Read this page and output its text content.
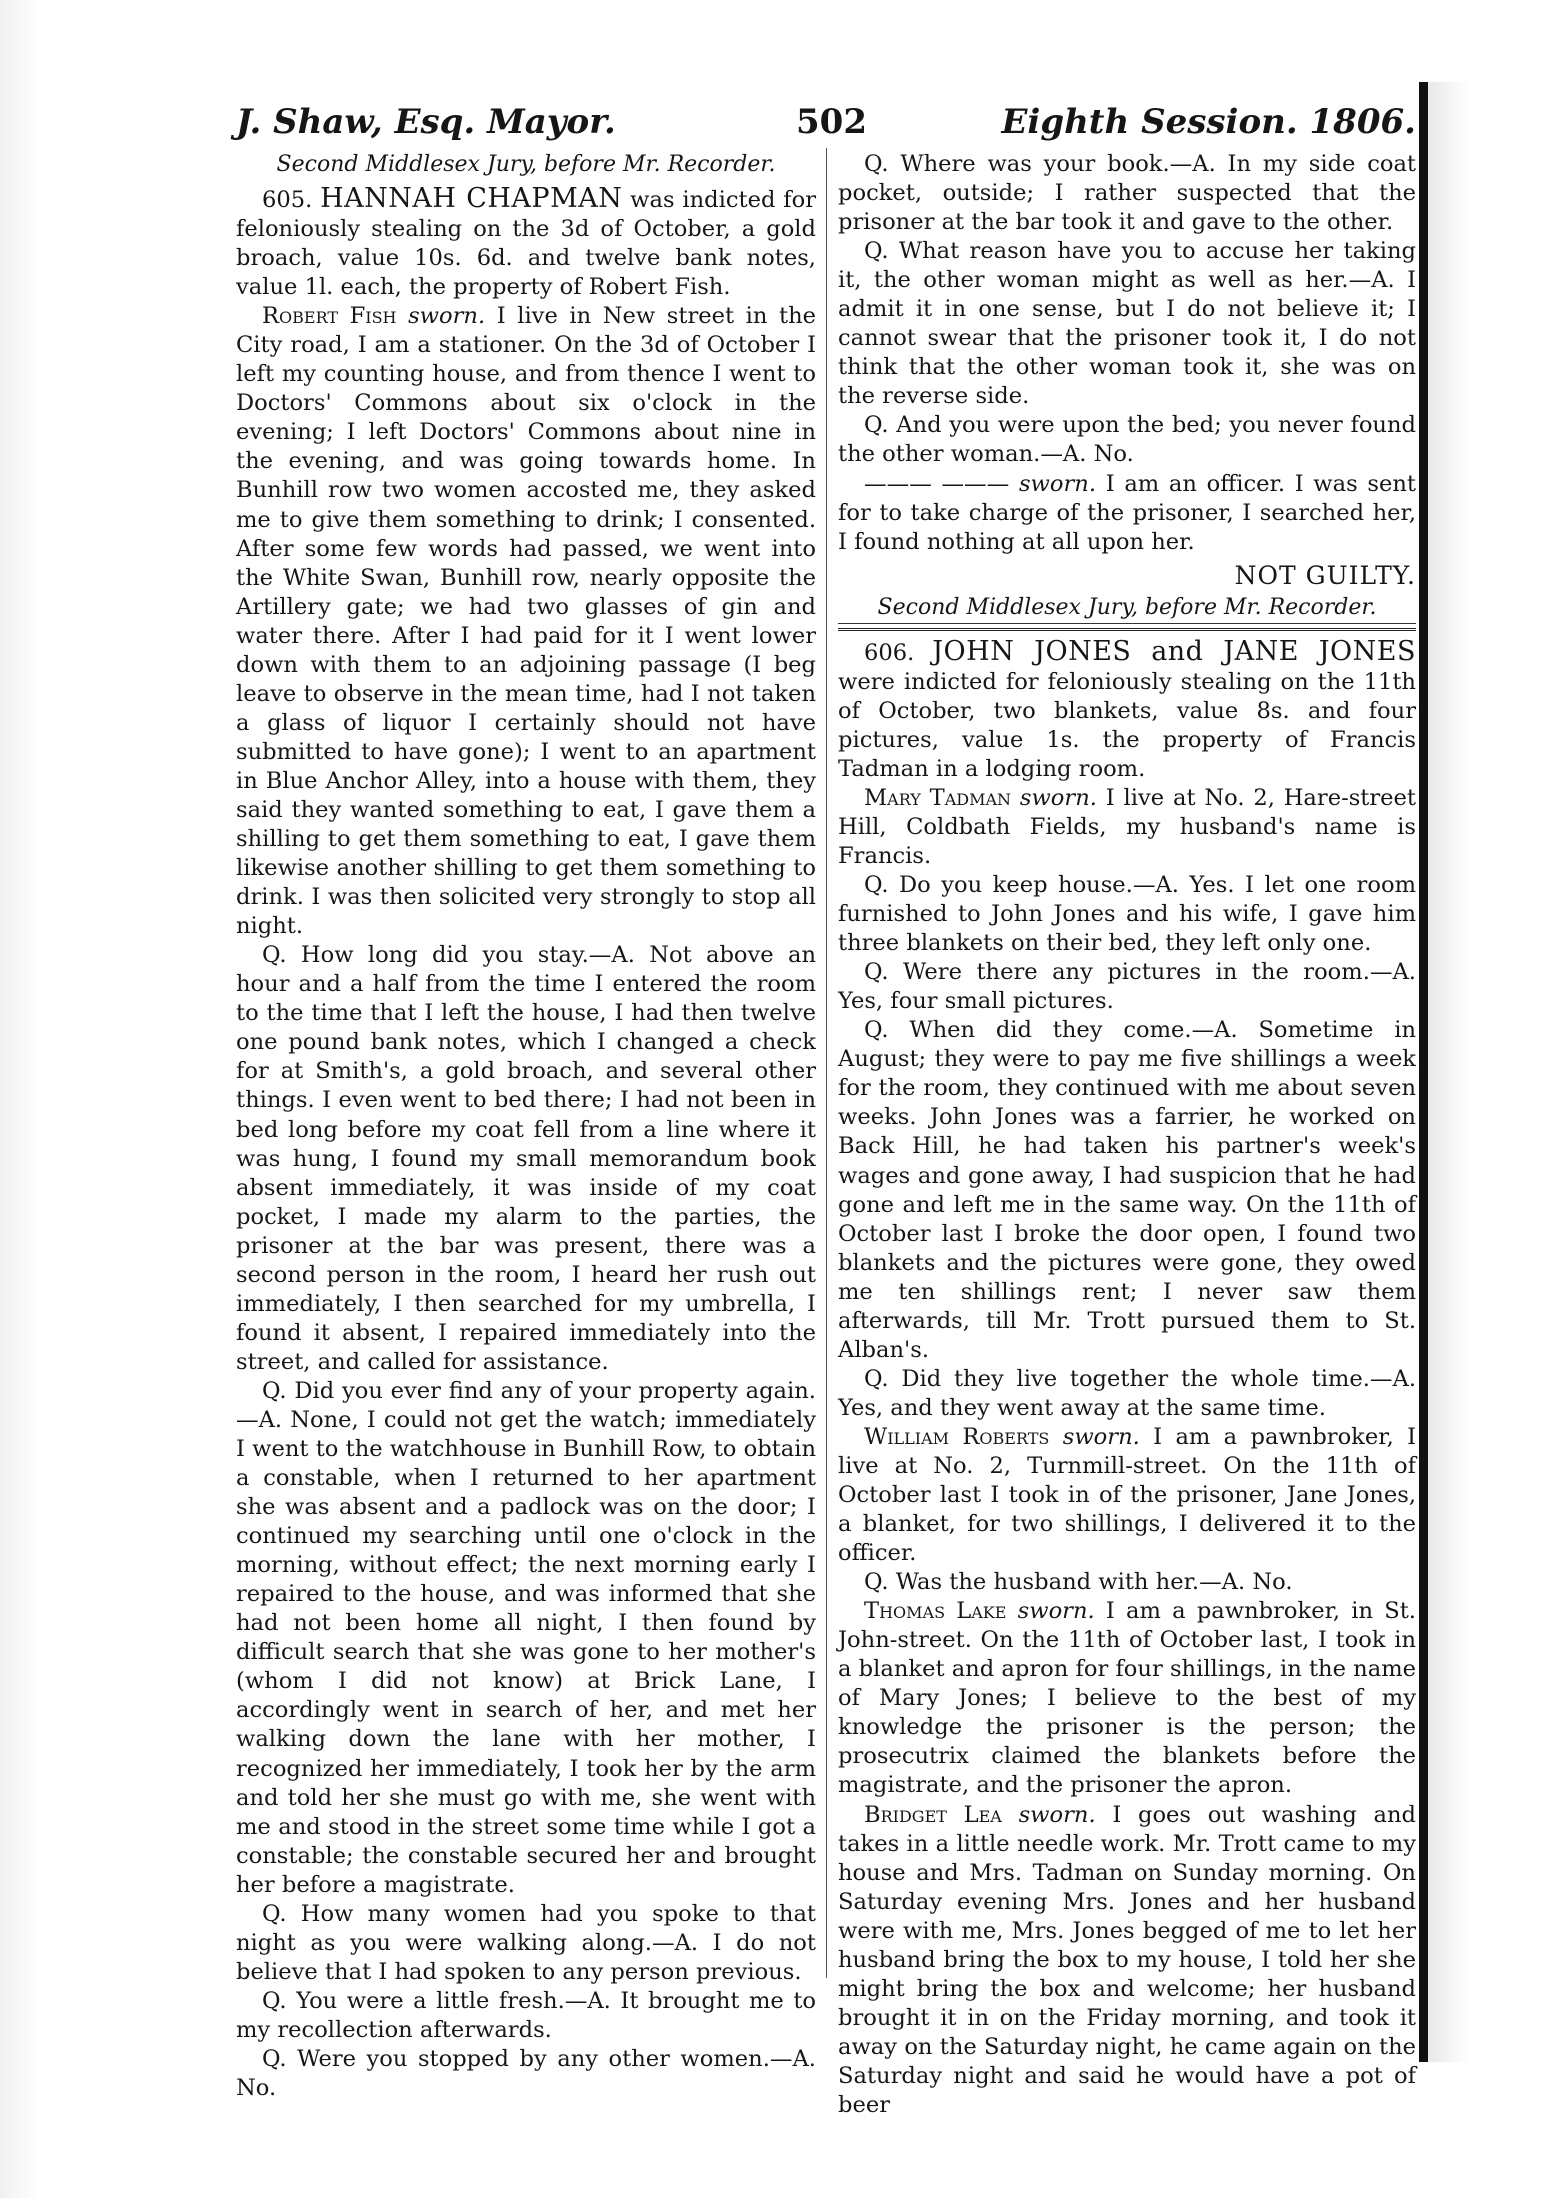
J. Shaw, Esq. Mayor.	502	Eighth Session. 1806.
Second Middlesex Jury, before Mr. Recorder.

605. HANNAH CHAPMAN was indicted for feloniously stealing on the 3d of October, a gold broach, value 10s. 6d. and twelve bank notes, value 1l. each, the property of Robert Fish.

Robert Fish sworn. I live in New street in the City road, I am a stationer. On the 3d of October I left my counting house, and from thence I went to Doctors' Commons about six o'clock in the evening; I left Doctors' Commons about nine in the evening, and was going towards home. In Bunhill row two women accosted me, they asked me to give them something to drink; I consented. After some few words had passed, we went into the White Swan, Bunhill row, nearly opposite the Artillery gate; we had two glasses of gin and water there. After I had paid for it I went lower down with them to an adjoining passage (I beg leave to observe in the mean time, had I not taken a glass of liquor I certainly should not have submitted to have gone); I went to an apartment in Blue Anchor Alley, into a house with them, they said they wanted something to eat, I gave them a shilling to get them something to eat, I gave them likewise another shilling to get them something to drink. I was then solicited very strongly to stop all night.

Q. How long did you stay.—A. Not above an hour and a half from the time I entered the room to the time that I left the house, I had then twelve one pound bank notes, which I changed a check for at Smith's, a gold broach, and several other things. I even went to bed there; I had not been in bed long before my coat fell from a line where it was hung, I found my small memorandum book absent immediately, it was inside of my coat pocket, I made my alarm to the parties, the prisoner at the bar was present, there was a second person in the room, I heard her rush out immediately, I then searched for my umbrella, I found it absent, I repaired immediately into the street, and called for assistance.

Q. Did you ever find any of your property again. —A. None, I could not get the watch; immediately I went to the watchhouse in Bunhill Row, to obtain a constable, when I returned to her apartment she was absent and a padlock was on the door; I continued my searching until one o'clock in the morning, without effect; the next morning early I repaired to the house, and was informed that she had not been home all night, I then found by difficult search that she was gone to her mother's (whom I did not know) at Brick Lane, I accordingly went in search of her, and met her walking down the lane with her mother, I recognized her immediately, I took her by the arm and told her she must go with me, she went with me and stood in the street some time while I got a constable; the constable secured her and brought her before a magistrate.

Q. How many women had you spoke to that night as you were walking along.—A. I do not believe that I had spoken to any person previous.

Q. You were a little fresh.—A. It brought me to my recollection afterwards.

Q. Were you stopped by any other women.—A. No.

Q. Where was your book.—A. In my side coat pocket, outside; I rather suspected that the prisoner at the bar took it and gave to the other.

Q. What reason have you to accuse her taking it, the other woman might as well as her.—A. I admit it in one sense, but I do not believe it; I cannot swear that the prisoner took it, I do not think that the other woman took it, she was on the reverse side.

Q. And you were upon the bed; you never found the other woman.—A. No.

——— ——— sworn. I am an officer. I was sent for to take charge of the prisoner, I searched her, I found nothing at all upon her.

NOT GUILTY.
Second Middlesex Jury, before Mr. Recorder.

606. JOHN JONES and JANE JONES were indicted for feloniously stealing on the 11th of October, two blankets, value 8s. and four pictures, value 1s. the property of Francis Tadman in a lodging room.

Mary Tadman sworn. I live at No. 2, Hare-street Hill, Coldbath Fields, my husband's name is Francis.

Q. Do you keep house.—A. Yes. I let one room furnished to John Jones and his wife, I gave him three blankets on their bed, they left only one.

Q. Were there any pictures in the room.—A. Yes, four small pictures.

Q. When did they come.—A. Sometime in August; they were to pay me five shillings a week for the room, they continued with me about seven weeks. John Jones was a farrier, he worked on Back Hill, he had taken his partner's week's wages and gone away, I had suspicion that he had gone and left me in the same way. On the 11th of October last I broke the door open, I found two blankets and the pictures were gone, they owed me ten shillings rent; I never saw them afterwards, till Mr. Trott pursued them to St. Alban's.

Q. Did they live together the whole time.—A. Yes, and they went away at the same time.

William Roberts sworn. I am a pawnbroker, I live at No. 2, Turnmill-street. On the 11th of October last I took in of the prisoner, Jane Jones, a blanket, for two shillings, I delivered it to the officer.

Q. Was the husband with her.—A. No.

Thomas Lake sworn. I am a pawnbroker, in St. John-street. On the 11th of October last, I took in a blanket and apron for four shillings, in the name of Mary Jones; I believe to the best of my knowledge the prisoner is the person; the prosecutrix claimed the blankets before the magistrate, and the prisoner the apron.

Bridget Lea sworn. I goes out washing and takes in a little needle work. Mr. Trott came to my house and Mrs. Tadman on Sunday morning. On Saturday evening Mrs. Jones and her husband were with me, Mrs. Jones begged of me to let her husband bring the box to my house, I told her she might bring the box and welcome; her husband brought it in on the Friday morning, and took it away on the Saturday night, he came again on the Saturday night and said he would have a pot of beer
